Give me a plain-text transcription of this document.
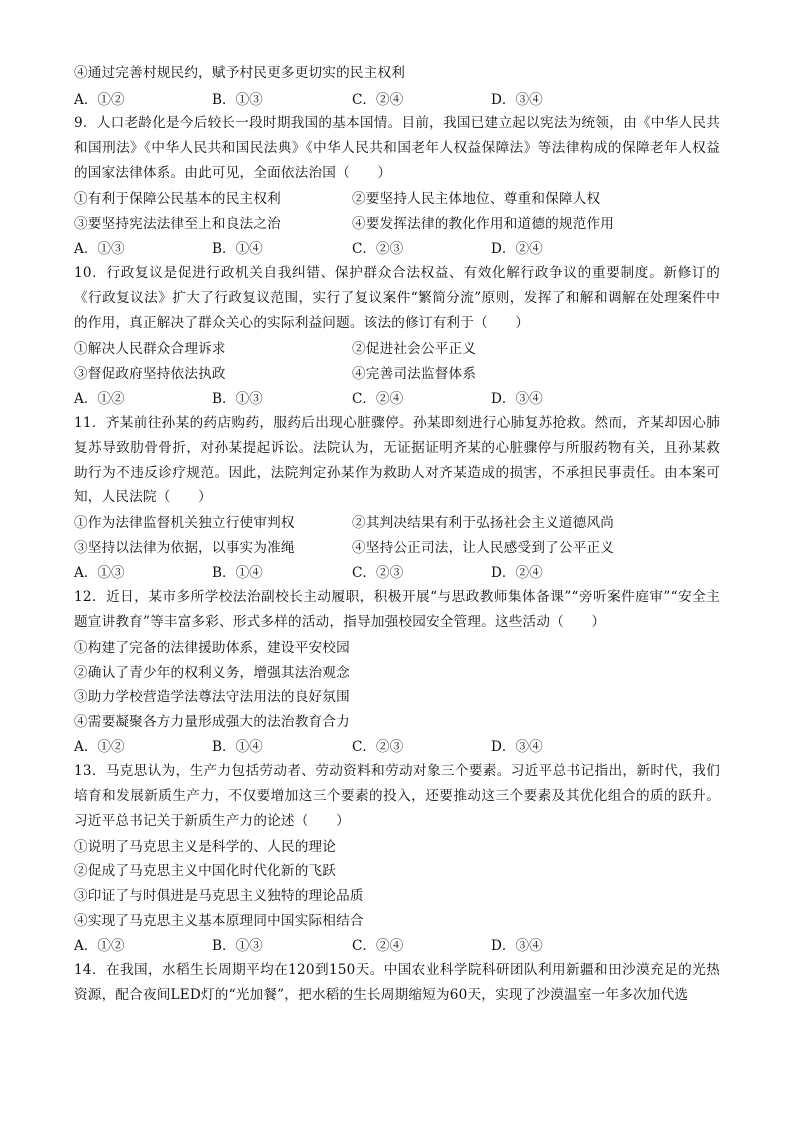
④通过完善村规民约，赋予村民更多更切实的民主权利
A．①②	B．①③	C．②④	D．③④
9．人口老龄化是今后较长一段时期我国的基本国情。目前，我国已建立起以宪法为统领，由《中华人民共和国刑法》《中华人民共和国民法典》《中华人民共和国老年人权益保障法》等法律构成的保障老年人权益的国家法律体系。由此可见，全面依法治国（　　）
①有利于保障公民基本的民主权利	②要坚持人民主体地位、尊重和保障人权
③要坚持宪法法律至上和良法之治	④要发挥法律的教化作用和道德的规范作用
A．①③	B．①④	C．②③	D．②④
10．行政复议是促进行政机关自我纠错、保护群众合法权益、有效化解行政争议的重要制度。新修订的《行政复议法》扩大了行政复议范围，实行了复议案件“繁简分流”原则，发挥了和解和调解在处理案件中的作用，真正解决了群众关心的实际利益问题。该法的修订有利于（　　）
①解决人民群众合理诉求	②促进社会公平正义
③督促政府坚持依法执政	④完善司法监督体系
A．①②	B．①③	C．②④	D．③④
11．齐某前往孙某的药店购药，服药后出现心脏骤停。孙某即刻进行心肺复苏抢救。然而，齐某却因心肺复苏导致肋骨骨折，对孙某提起诉讼。法院认为，无证据证明齐某的心脏骤停与所服药物有关，且孙某救助行为不违反诊疗规范。因此，法院判定孙某作为救助人对齐某造成的损害，不承担民事责任。由本案可知，人民法院（　　）
①作为法律监督机关独立行使审判权	②其判决结果有利于弘扬社会主义道德风尚
③坚持以法律为依据，以事实为准绳	④坚持公正司法，让人民感受到了公平正义
A．①③	B．①④	C．②③	D．②④
12．近日，某市多所学校法治副校长主动履职，积极开展“与思政教师集体备课”“旁听案件庭审”“安全主题宣讲教育”等丰富多彩、形式多样的活动，指导加强校园安全管理。这些活动（　　）
①构建了完备的法律援助体系，建设平安校园
②确认了青少年的权利义务，增强其法治观念
③助力学校营造学法尊法守法用法的良好氛围
④需要凝聚各方力量形成强大的法治教育合力
A．①②	B．①④	C．②③	D．③④
13．马克思认为，生产力包括劳动者、劳动资料和劳动对象三个要素。习近平总书记指出，新时代，我们培育和发展新质生产力，不仅要增加这三个要素的投入，还要推动这三个要素及其优化组合的质的跃升。习近平总书记关于新质生产力的论述（　　）
①说明了马克思主义是科学的、人民的理论
②促成了马克思主义中国化时代化新的飞跃
③印证了与时俱进是马克思主义独特的理论品质
④实现了马克思主义基本原理同中国实际相结合
A．①②	B．①③	C．②④	D．③④
14．在我国，水稻生长周期平均在120到150天。中国农业科学院科研团队利用新疆和田沙漠充足的光热资源，配合夜间LED灯的“光加餐”，把水稻的生长周期缩短为60天，实现了沙漠温室一年多次加代选
